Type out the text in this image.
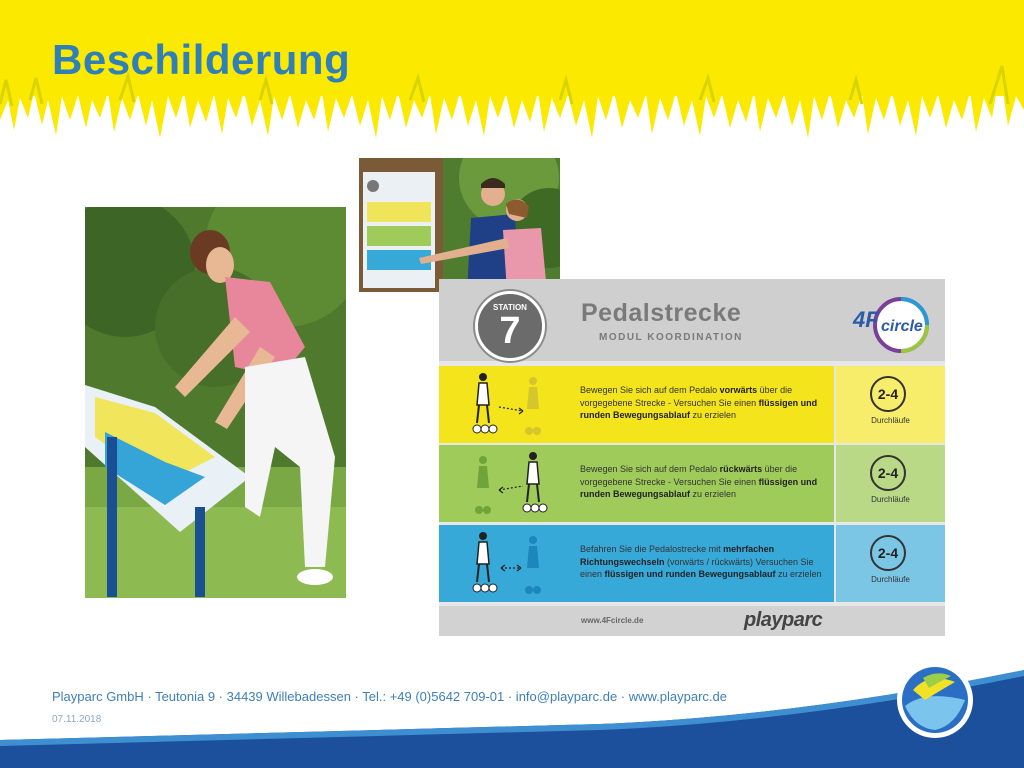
Beschilderung
STATION
7	Pedalstrecke
MODUL KOORDINATION
4F circle
Bewegen Sie sich auf dem Pedalo vorwärts über die vorgegebene Strecke - Versuchen Sie einen flüssigen und runden Bewegungsablauf zu erzielen
2-4
Durchläufe
Bewegen Sie sich auf dem Pedalo rückwärts über die vorgegebene Strecke - Versuchen Sie einen flüssigen und runden Bewegungsablauf zu erzielen
2-4
Durchläufe
Befahren Sie die Pedalostrecke mit mehrfachen Richtungswechseln (vorwärts / rückwärts) Versuchen Sie einen flüssigen und runden Bewegungsablauf zu erzielen
2-4
Durchläufe
www.4Fcircle.de	playparc
Playparc GmbH · Teutonia 9 · 34439 Willebadessen · Tel.: +49 (0)5642 709-01 · info@playparc.de · www.playparc.de
07.11.2018
